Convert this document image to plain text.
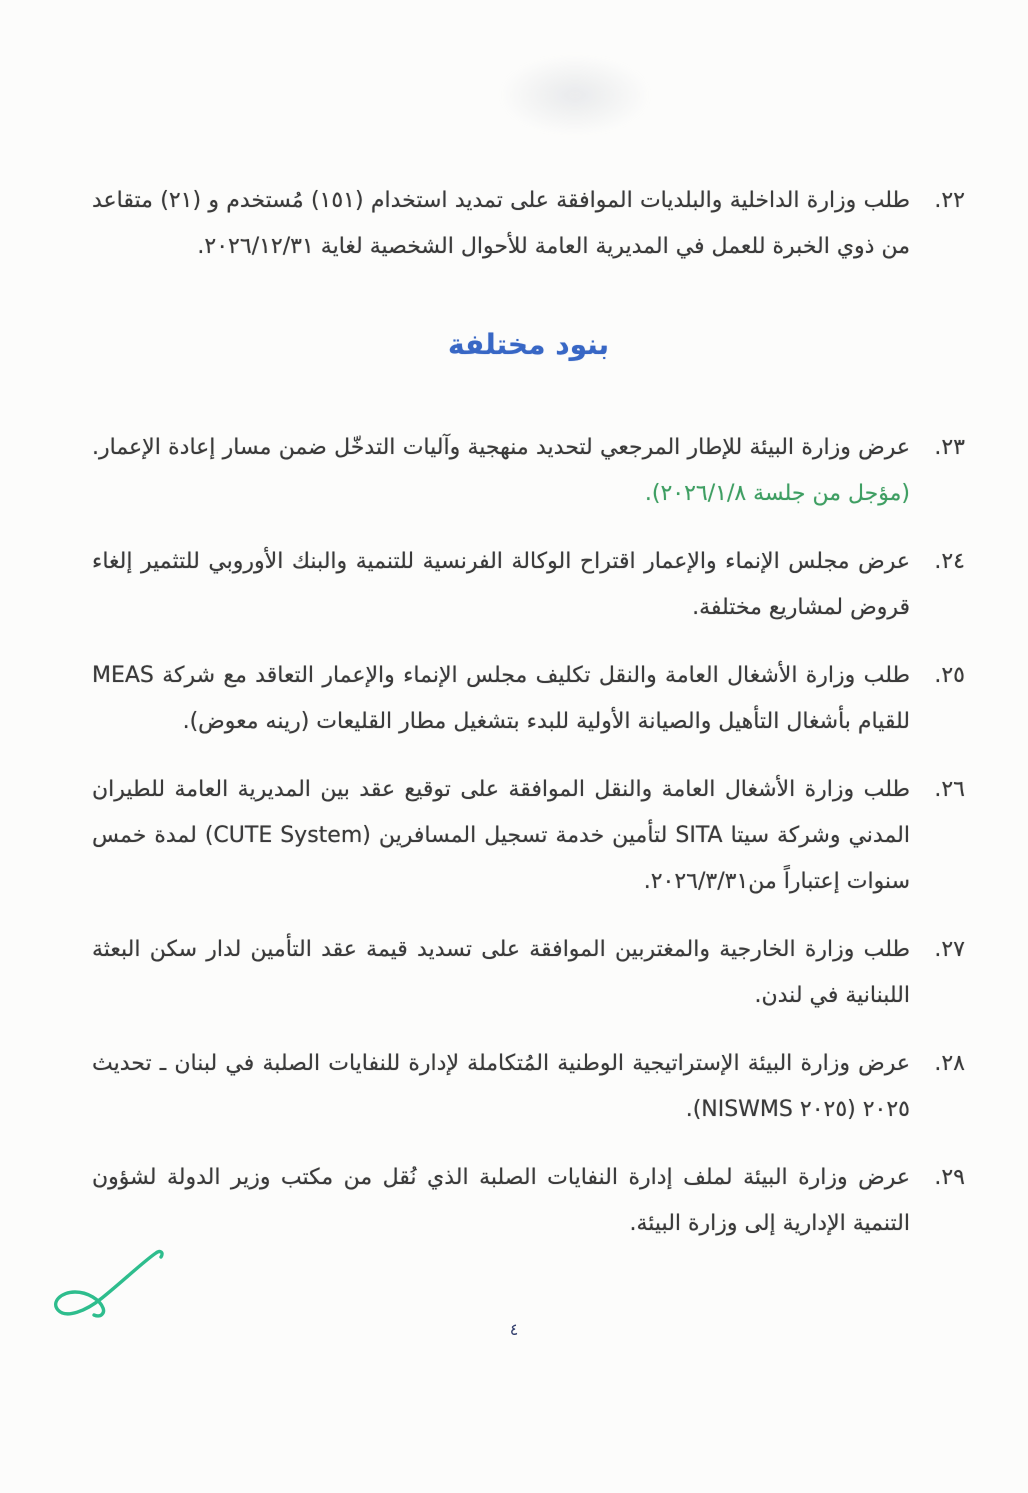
٢٢.
طلب وزارة الداخلية والبلديات الموافقة على تمديد استخدام (١٥١) مُستخدم و (٢١) متقاعد من ذوي الخبرة للعمل في المديرية العامة للأحوال الشخصية لغاية ٢٠٢٦/١٢/٣١.
بنود مختلفة
٢٣.
عرض وزارة البيئة للإطار المرجعي لتحديد منهجية وآليات التدخّل ضمن مسار إعادة الإعمار. (مؤجل من جلسة ٢٠٢٦/١/٨).
٢٤.
عرض مجلس الإنماء والإعمار اقتراح الوكالة الفرنسية للتنمية والبنك الأوروبي للتثمير إلغاء قروض لمشاريع مختلفة.
٢٥.
طلب وزارة الأشغال العامة والنقل تكليف مجلس الإنماء والإعمار التعاقد مع شركة MEAS للقيام بأشغال التأهيل والصيانة الأولية للبدء بتشغيل مطار القليعات (رينه معوض).
٢٦.
طلب وزارة الأشغال العامة والنقل الموافقة على توقيع عقد بين المديرية العامة للطيران المدني وشركة سيتا SITA لتأمين خدمة تسجيل المسافرين (CUTE System) لمدة خمس سنوات إعتباراً من٢٠٢٦/٣/٣١.
٢٧.
طلب وزارة الخارجية والمغتربين الموافقة على تسديد قيمة عقد التأمين لدار سكن البعثة اللبنانية في لندن.
٢٨.
عرض وزارة البيئة الإستراتيجية الوطنية المُتكاملة لإدارة للنفايات الصلبة في لبنان ـ تحديث ٢٠٢٥ (NISWMS ٢٠٢٥).
٢٩.
عرض وزارة البيئة لملف إدارة النفايات الصلبة الذي نُقل من مكتب وزير الدولة لشؤون التنمية الإدارية إلى وزارة البيئة.
٤
